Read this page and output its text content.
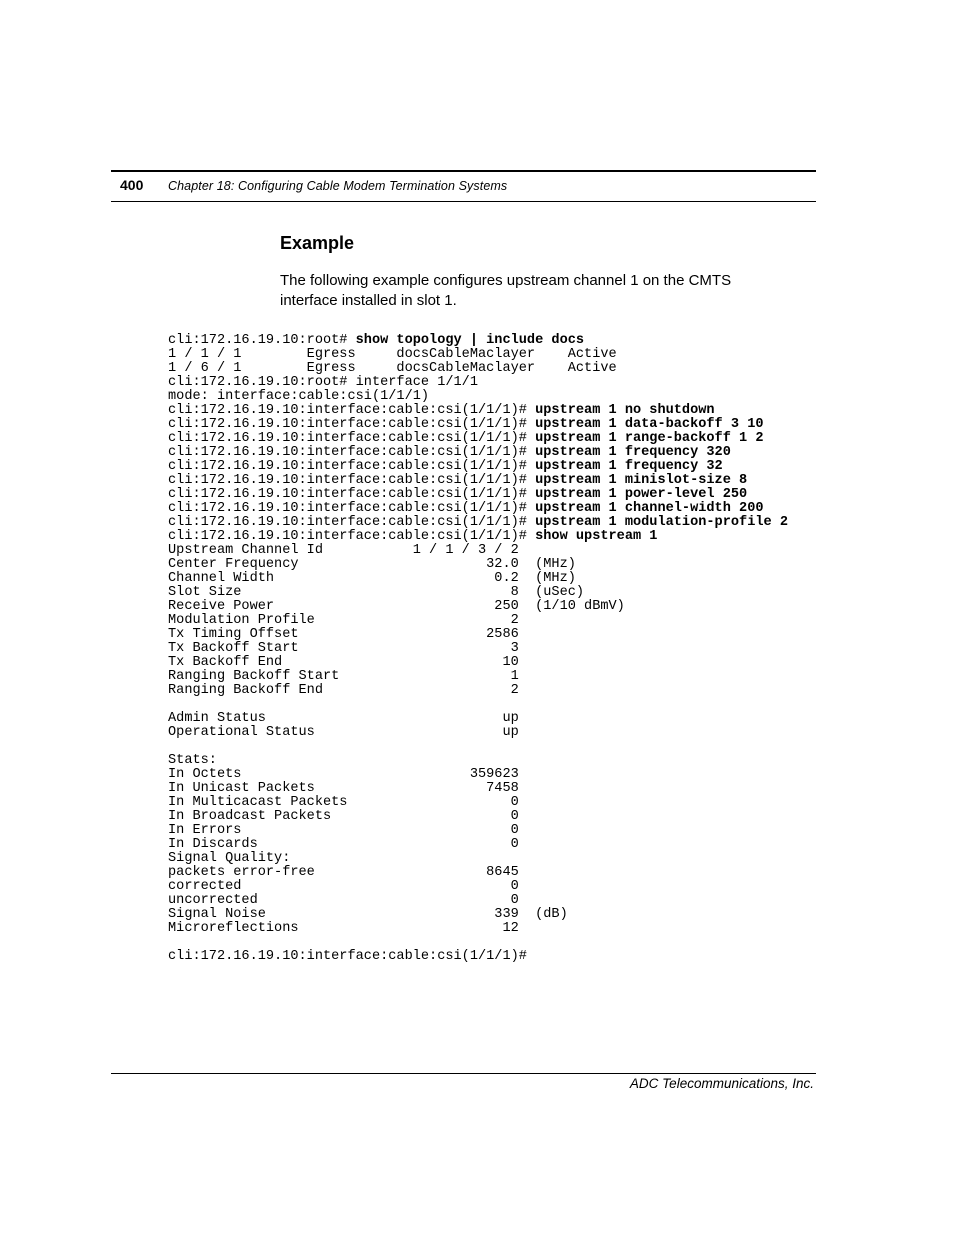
400 Chapter 18: Configuring Cable Modem Termination Systems
Example
The following example configures upstream channel 1 on the CMTS interface installed in slot 1.
cli:172.16.19.10:root# show topology | include docs
1 / 1 / 1        Egress     docsCableMaclayer    Active
1 / 6 / 1        Egress     docsCableMaclayer    Active
cli:172.16.19.10:root# interface 1/1/1
mode: interface:cable:csi(1/1/1)
cli:172.16.19.10:interface:cable:csi(1/1/1)# upstream 1 no shutdown
cli:172.16.19.10:interface:cable:csi(1/1/1)# upstream 1 data-backoff 3 10
cli:172.16.19.10:interface:cable:csi(1/1/1)# upstream 1 range-backoff 1 2
cli:172.16.19.10:interface:cable:csi(1/1/1)# upstream 1 frequency 320
cli:172.16.19.10:interface:cable:csi(1/1/1)# upstream 1 frequency 32
cli:172.16.19.10:interface:cable:csi(1/1/1)# upstream 1 minislot-size 8
cli:172.16.19.10:interface:cable:csi(1/1/1)# upstream 1 power-level 250
cli:172.16.19.10:interface:cable:csi(1/1/1)# upstream 1 channel-width 200
cli:172.16.19.10:interface:cable:csi(1/1/1)# upstream 1 modulation-profile 2
cli:172.16.19.10:interface:cable:csi(1/1/1)# show upstream 1
Upstream Channel Id           1 / 1 / 3 / 2
Center Frequency                       32.0  (MHz)
Channel Width                           0.2  (MHz)
Slot Size                                 8  (uSec)
Receive Power                           250  (1/10 dBmV)
Modulation Profile                        2
Tx Timing Offset                       2586
Tx Backoff Start                          3
Tx Backoff End                           10
Ranging Backoff Start                     1
Ranging Backoff End                       2
Admin Status                             up
Operational Status                       up
Stats:
In Octets                            359623
In Unicast Packets                     7458
In Multicacast Packets                    0
In Broadcast Packets                      0
In Errors                                 0
In Discards                               0
Signal Quality:
packets error-free                     8645
corrected                                 0
uncorrected                               0
Signal Noise                            339  (dB)
Microreflections                         12
cli:172.16.19.10:interface:cable:csi(1/1/1)#
ADC Telecommunications, Inc.
